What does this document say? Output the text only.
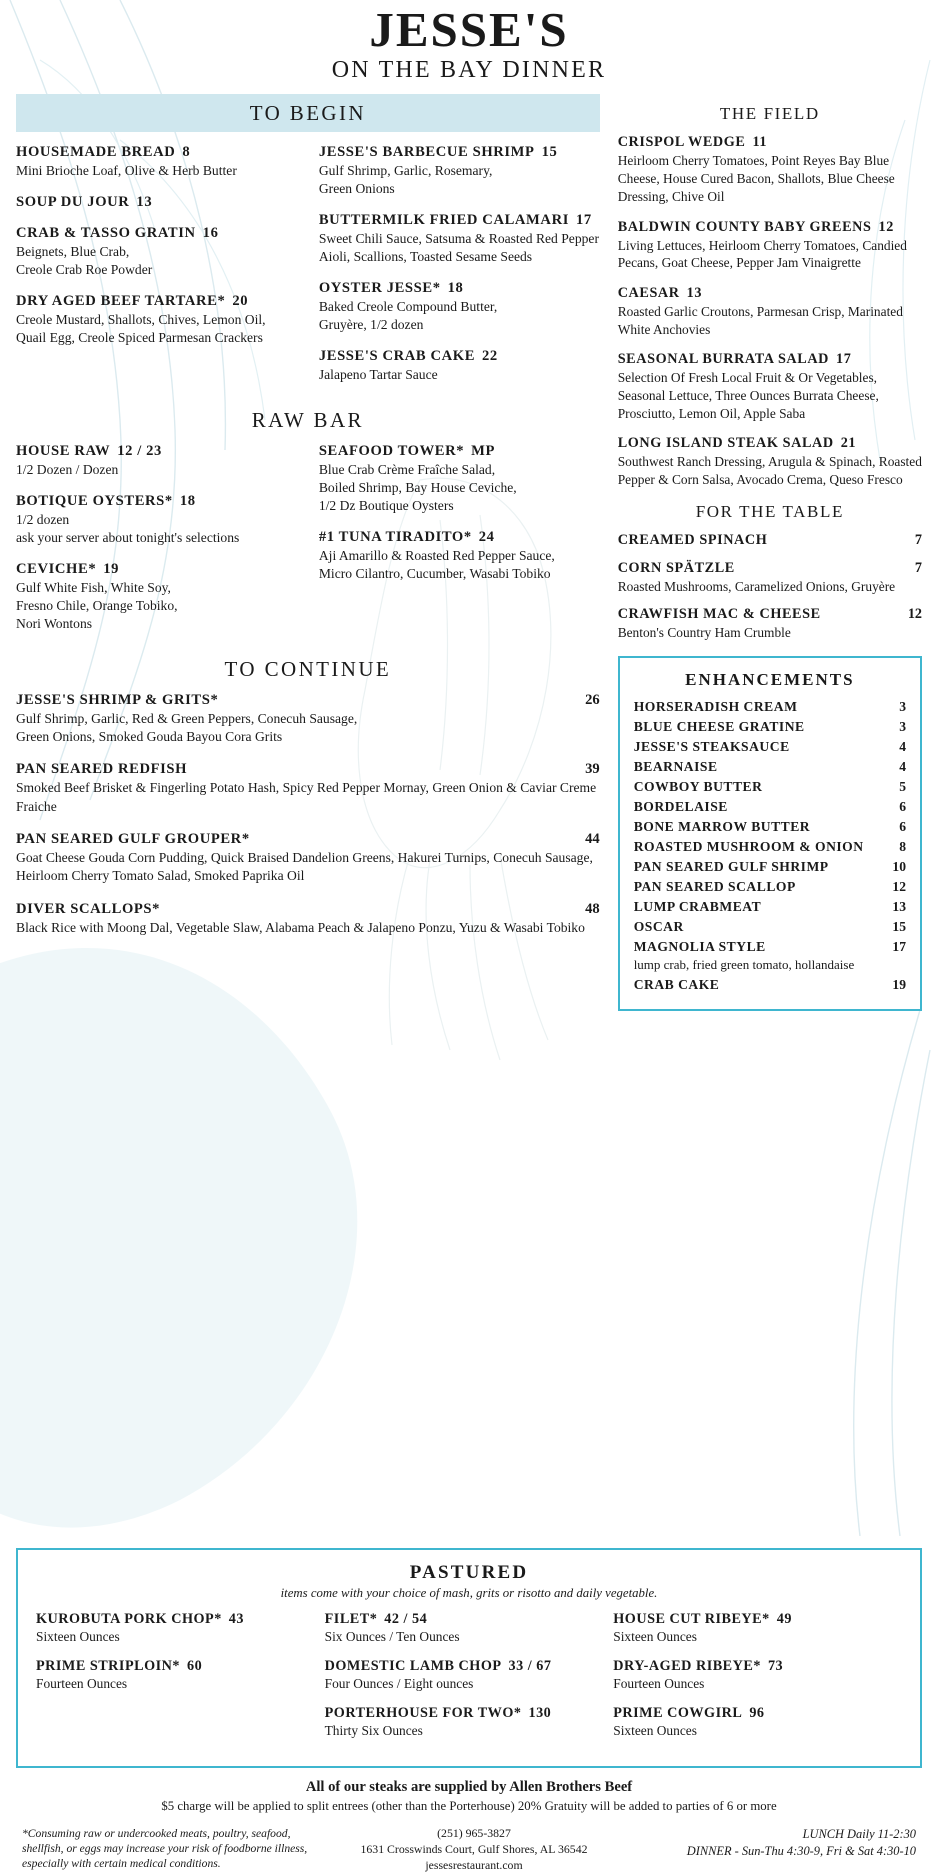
JESSE'S
ON THE BAY DINNER
TO BEGIN
HOUSEMADE BREAD 8
Mini Brioche Loaf, Olive & Herb Butter
SOUP DU JOUR 13
CRAB & TASSO GRATIN 16
Beignets, Blue Crab,
Creole Crab Roe Powder
DRY AGED BEEF TARTARE* 20
Creole Mustard, Shallots, Chives, Lemon Oil, Quail Egg, Creole Spiced Parmesan Crackers
JESSE'S BARBECUE SHRIMP 15
Gulf Shrimp, Garlic, Rosemary,
Green Onions
BUTTERMILK FRIED CALAMARI 17
Sweet Chili Sauce, Satsuma & Roasted Red Pepper Aioli, Scallions, Toasted Sesame Seeds
OYSTER JESSE* 18
Baked Creole Compound Butter,
Gruyère, 1/2 dozen
JESSE'S CRAB CAKE 22
Jalapeno Tartar Sauce
RAW BAR
HOUSE RAW 12 / 23
1/2 Dozen / Dozen
BOTIQUE OYSTERS* 18
1/2 dozen
ask your server about tonight's selections
CEVICHE* 19
Gulf White Fish, White Soy,
Fresno Chile, Orange Tobiko,
Nori Wontons
SEAFOOD TOWER* MP
Blue Crab Crème Fraîche Salad,
Boiled Shrimp, Bay House Ceviche,
1/2 Dz Boutique Oysters
#1 TUNA TIRADITO* 24
Aji Amarillo & Roasted Red Pepper Sauce,
Micro Cilantro, Cucumber, Wasabi Tobiko
TO CONTINUE
JESSE'S SHRIMP & GRITS*	26
Gulf Shrimp, Garlic, Red & Green Peppers, Conecuh Sausage,
Green Onions, Smoked Gouda Bayou Cora Grits
PAN SEARED REDFISH	39
Smoked Beef Brisket & Fingerling Potato Hash, Spicy Red Pepper Mornay, Green Onion & Caviar Creme Fraiche
PAN SEARED GULF GROUPER*	44
Goat Cheese Gouda Corn Pudding, Quick Braised Dandelion Greens, Hakurei Turnips, Conecuh Sausage, Heirloom Cherry Tomato Salad, Smoked Paprika Oil
DIVER SCALLOPS*	48
Black Rice with Moong Dal, Vegetable Slaw, Alabama Peach & Jalapeno Ponzu, Yuzu & Wasabi Tobiko
THE FIELD
CRISPOL WEDGE 11
Heirloom Cherry Tomatoes, Point Reyes Bay Blue Cheese, House Cured Bacon, Shallots, Blue Cheese Dressing, Chive Oil
BALDWIN COUNTY BABY GREENS 12
Living Lettuces, Heirloom Cherry Tomatoes, Candied Pecans, Goat Cheese, Pepper Jam Vinaigrette
CAESAR 13
Roasted Garlic Croutons, Parmesan Crisp, Marinated White Anchovies
SEASONAL BURRATA SALAD 17
Selection Of Fresh Local Fruit & Or Vegetables, Seasonal Lettuce, Three Ounces Burrata Cheese, Prosciutto, Lemon Oil, Apple Saba
LONG ISLAND STEAK SALAD 21
Southwest Ranch Dressing, Arugula & Spinach, Roasted Pepper & Corn Salsa, Avocado Crema, Queso Fresco
FOR THE TABLE
CREAMED SPINACH	7
CORN SPÄTZLE	7
Roasted Mushrooms, Caramelized Onions, Gruyère
CRAWFISH MAC & CHEESE	12
Benton's Country Ham Crumble
ENHANCEMENTS
HORSERADISH CREAM	3
BLUE CHEESE GRATINE	3
JESSE'S STEAKSAUCE	4
BEARNAISE	4
COWBOY BUTTER	5
BORDELAISE	6
BONE MARROW BUTTER	6
ROASTED MUSHROOM & ONION	8
PAN SEARED GULF SHRIMP	10
PAN SEARED SCALLOP	12
LUMP CRABMEAT	13
OSCAR	15
MAGNOLIA STYLE	17
lump crab, fried green tomato, hollandaise
CRAB CAKE	19
PASTURED
items come with your choice of mash, grits or risotto and daily vegetable.
KUROBUTA PORK CHOP* 43
Sixteen Ounces
PRIME STRIPLOIN* 60
Fourteen Ounces
FILET* 42 / 54
Six Ounces / Ten Ounces
DOMESTIC LAMB CHOP 33 / 67
Four Ounces / Eight ounces
PORTERHOUSE FOR TWO* 130
Thirty Six Ounces
HOUSE CUT RIBEYE* 49
Sixteen Ounces
DRY-AGED RIBEYE* 73
Fourteen Ounces
PRIME COWGIRL 96
Sixteen Ounces
All of our steaks are supplied by Allen Brothers Beef
$5 charge will be applied to split entrees (other than the Porterhouse) 20% Gratuity will be added to parties of 6 or more
*Consuming raw or undercooked meats, poultry, seafood, shellfish, or eggs may increase your risk of foodborne illness, especially with certain medical conditions.
(251) 965-3827
1631 Crosswinds Court, Gulf Shores, AL 36542
jessesrestaurant.com
LUNCH Daily 11-2:30
DINNER - Sun-Thu 4:30-9, Fri & Sat 4:30-10
